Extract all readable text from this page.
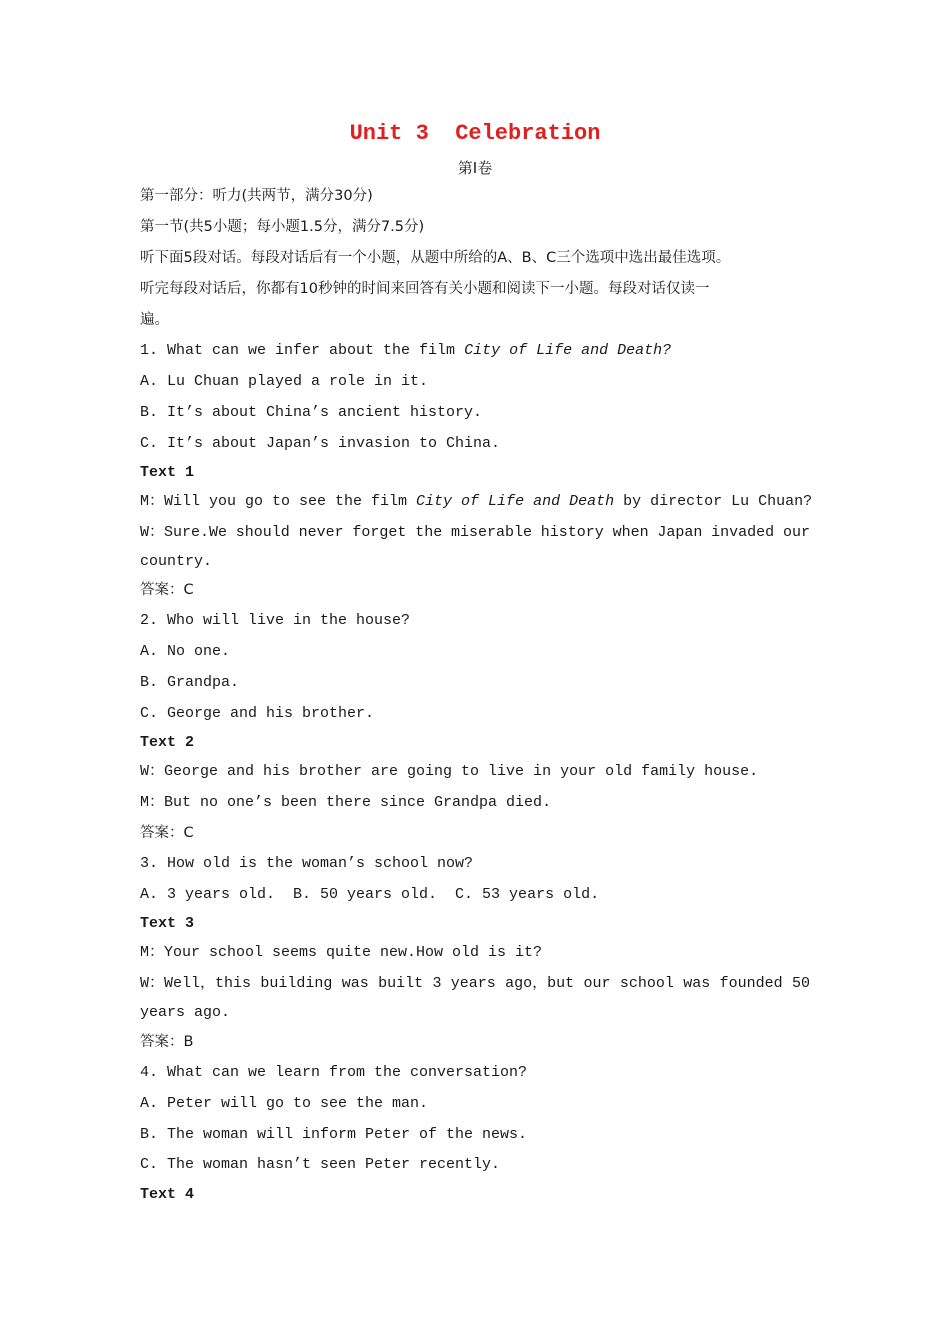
Unit 3  Celebration
第Ⅰ卷
第一部分：听力(共两节，满分30分)
第一节(共5小题；每小题1.5分，满分7.5分)
听下面5段对话。每段对话后有一个小题，从题中所给的A、B、C三个选项中选出最佳选项。
听完每段对话后，你都有10秒钟的时间来回答有关小题和阅读下一小题。每段对话仅读一
遍。
1. What can we infer about the film City of Life and Death?
A. Lu Chuan played a role in it.
B. It’s about China’s ancient history.
C. It’s about Japan’s invasion to China.
Text 1
M：Will you go to see the film City of Life and Death by director Lu Chuan?
W：Sure.We should never forget the miserable history when Japan invaded our
country.
答案：C
2. Who will live in the house?
A. No one.
B. Grandpa.
C. George and his brother.
Text 2
W：George and his brother are going to live in your old family house.
M：But no one’s been there since Grandpa died.
答案：C
3. How old is the woman’s school now?
A. 3 years old.  B. 50 years old.  C. 53 years old.
Text 3
M：Your school seems quite new.How old is it?
W：Well，this building was built 3 years ago，but our school was founded 50
years ago.
答案：B
4. What can we learn from the conversation?
A. Peter will go to see the man.
B. The woman will inform Peter of the news.
C. The woman hasn’t seen Peter recently.
Text 4
